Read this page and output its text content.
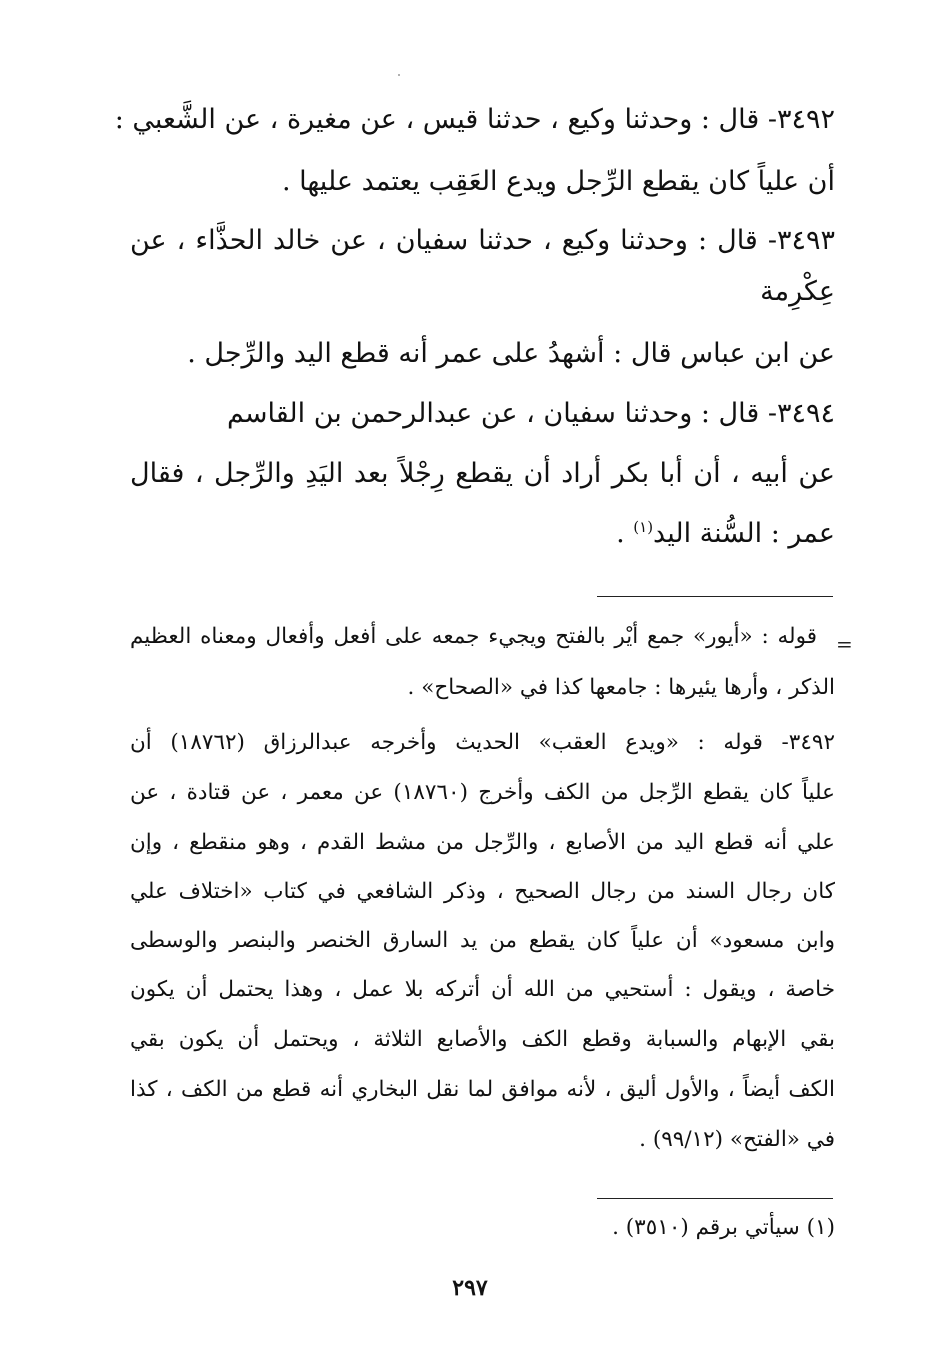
٣٤٩٢- قال : وحدثنا وكيع ، حدثنا قيس ، عن مغيرة ، عن الشَّعبي :
أن علياً كان يقطع الرِّجل ويدع العَقِب يعتمد عليها .
٣٤٩٣- قال : وحدثنا وكيع ، حدثنا سفيان ، عن خالد الحذَّاء ، عن
عِكْرِمة
عن ابن عباس قال : أشهدُ على عمر أنه قطع اليد والرِّجل .
٣٤٩٤- قال : وحدثنا سفيان ، عن عبدالرحمن بن القاسم
عن أبيه ، أن أبا بكر أراد أن يقطع رِجْلاً بعد اليَدِ والرِّجل ، فقال
عمر : السُّنة اليد$^{(١)}$ .
=
قوله : «أيور» جمع أيْر بالفتح ويجيء جمعه على أفعل وأفعال ومعناه العظيم
الذكر ، وأرها يئيرها : جامعها كذا في «الصحاح» .
٣٤٩٢- قوله : «ويدع العقب» الحديث وأخرجه عبدالرزاق (١٨٧٦٢) أن
علياً كان يقطع الرِّجل من الكف وأخرج (١٨٧٦٠) عن معمر ، عن قتادة ، عن
علي أنه قطع اليد من الأصابع ، والرِّجل من مشط القدم ، وهو منقطع ، وإن
كان رجال السند من رجال الصحيح ، وذكر الشافعي في كتاب «اختلاف علي
وابن مسعود» أن علياً كان يقطع من يد السارق الخنصر والبنصر والوسطى
خاصة ، ويقول : أستحيي من الله أن أتركه بلا عمل ، وهذا يحتمل أن يكون
بقي الإبهام والسبابة وقطع الكف والأصابع الثلاثة ، ويحتمل أن يكون بقي
الكف أيضاً ، والأول أليق ، لأنه موافق لما نقل البخاري أنه قطع من الكف ، كذا
في «الفتح» (٩٩/١٢) .
(١) سيأتي برقم (٣٥١٠) .
٢٩٧
